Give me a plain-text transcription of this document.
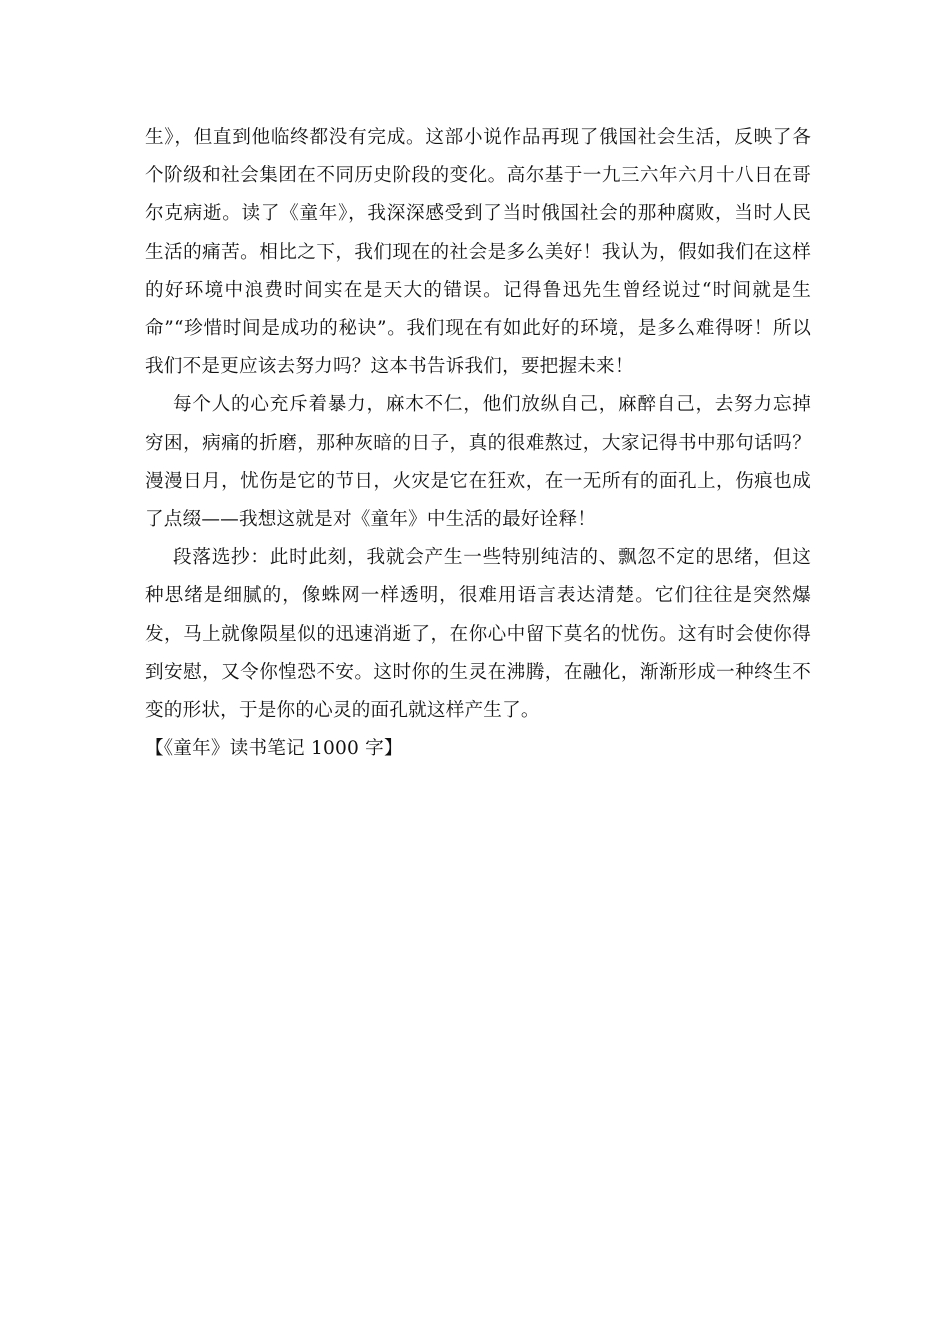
生》，但直到他临终都没有完成。这部小说作品再现了俄国社会生活，反映了各个阶级和社会集团在不同历史阶段的变化。高尔基于一九三六年六月十八日在哥尔克病逝。读了《童年》，我深深感受到了当时俄国社会的那种腐败，当时人民生活的痛苦。相比之下，我们现在的社会是多么美好！我认为，假如我们在这样的好环境中浪费时间实在是天大的错误。记得鲁迅先生曾经说过“时间就是生命”“珍惜时间是成功的秘诀”。我们现在有如此好的环境，是多么难得呀！所以我们不是更应该去努力吗？这本书告诉我们，要把握未来！

每个人的心充斥着暴力，麻木不仁，他们放纵自己，麻醉自己，去努力忘掉穷困，病痛的折磨，那种灰暗的日子，真的很难熬过，大家记得书中那句话吗？漫漫日月，忧伤是它的节日，火灾是它在狂欢，在一无所有的面孔上，伤痕也成了点缀——我想这就是对《童年》中生活的最好诠释！

段落选抄：此时此刻，我就会产生一些特别纯洁的、飘忽不定的思绪，但这种思绪是细腻的，像蛛网一样透明，很难用语言表达清楚。它们往往是突然爆发，马上就像陨星似的迅速消逝了，在你心中留下莫名的忧伤。这有时会使你得到安慰，又令你惶恐不安。这时你的生灵在沸腾，在融化，渐渐形成一种终生不变的形状，于是你的心灵的面孔就这样产生了。

【《童年》读书笔记 1000 字】
